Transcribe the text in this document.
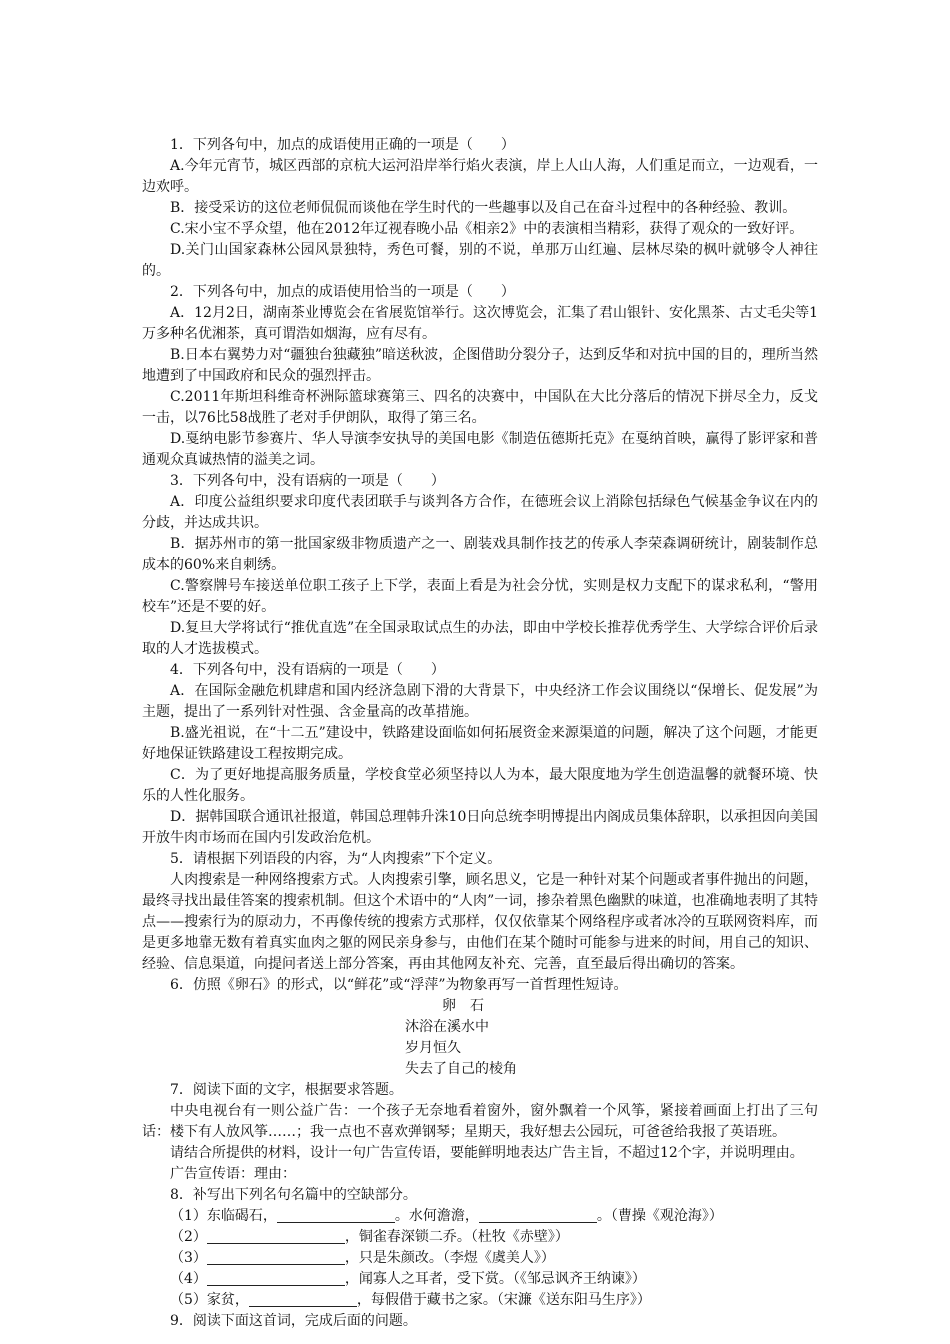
1．下列各句中，加点的成语使用正确的一项是（　　）

A.今年元宵节，城区西部的京杭大运河沿岸举行焰火表演，岸上人山人海，人们重足而立，一边观看，一边欢呼。

B．接受采访的这位老师侃侃而谈他在学生时代的一些趣事以及自己在奋斗过程中的各种经验、教训。

C.宋小宝不孚众望，他在2012年辽视春晚小品《相亲2》中的表演相当精彩，获得了观众的一致好评。

D.关门山国家森林公园风景独特，秀色可餐，别的不说，单那万山红遍、层林尽染的枫叶就够令人神往的。

2．下列各句中，加点的成语使用恰当的一项是（　　）

A．12月2日，湖南茶业博览会在省展览馆举行。这次博览会，汇集了君山银针、安化黑茶、古丈毛尖等1万多种名优湘茶，真可谓浩如烟海，应有尽有。

B.日本右翼势力对“疆独台独藏独”暗送秋波，企图借助分裂分子，达到反华和对抗中国的目的，理所当然地遭到了中国政府和民众的强烈抨击。

C.2011年斯坦科维奇杯洲际篮球赛第三、四名的决赛中，中国队在大比分落后的情况下拼尽全力，反戈一击，以76比58战胜了老对手伊朗队，取得了第三名。

D.戛纳电影节参赛片、华人导演李安执导的美国电影《制造伍德斯托克》在戛纳首映，赢得了影评家和普通观众真诚热情的溢美之词。

3．下列各句中，没有语病的一项是（　　）

A．印度公益组织要求印度代表团联手与谈判各方合作，在德班会议上消除包括绿色气候基金争议在内的分歧，并达成共识。

B．据苏州市的第一批国家级非物质遗产之一、剧装戏具制作技艺的传承人李荣森调研统计，剧装制作总成本的60%来自刺绣。

C.警察牌号车接送单位职工孩子上下学，表面上看是为社会分忧，实则是权力支配下的谋求私利，“警用校车”还是不要的好。

D.复旦大学将试行“推优直选”在全国录取试点生的办法，即由中学校长推荐优秀学生、大学综合评价后录取的人才选拔模式。

4．下列各句中，没有语病的一项是（　　）

A．在国际金融危机肆虐和国内经济急剧下滑的大背景下，中央经济工作会议围绕以“保增长、促发展”为主题，提出了一系列针对性强、含金量高的改革措施。

B.盛光祖说，在“十二五”建设中，铁路建设面临如何拓展资金来源渠道的问题，解决了这个问题，才能更好地保证铁路建设工程按期完成。

C．为了更好地提高服务质量，学校食堂必须坚持以人为本，最大限度地为学生创造温馨的就餐环境、快乐的人性化服务。

D．据韩国联合通讯社报道，韩国总理韩升洙10日向总统李明博提出内阁成员集体辞职，以承担因向美国开放牛肉市场而在国内引发政治危机。

5．请根据下列语段的内容，为“人肉搜索”下个定义。

人肉搜索是一种网络搜索方式。人肉搜索引擎，顾名思义，它是一种针对某个问题或者事件抛出的问题，最终寻找出最佳答案的搜索机制。但这个术语中的“人肉”一词，掺杂着黑色幽默的味道，也准确地表明了其特点——搜索行为的原动力，不再像传统的搜索方式那样，仅仅依靠某个网络程序或者冰冷的互联网资料库，而是更多地靠无数有着真实血肉之躯的网民亲身参与，由他们在某个随时可能参与进来的时间，用自己的知识、经验、信息渠道，向提问者送上部分答案，再由其他网友补充、完善，直至最后得出确切的答案。

6．仿照《卵石》的形式，以“鲜花”或“浮萍”为物象再写一首哲理性短诗。

卵　石

沐浴在溪水中

岁月恒久

失去了自己的棱角

7．阅读下面的文字，根据要求答题。

中央电视台有一则公益广告：一个孩子无奈地看着窗外，窗外飘着一个风筝，紧接着画面上打出了三句话：楼下有人放风筝……；我一点也不喜欢弹钢琴；星期天，我好想去公园玩，可爸爸给我报了英语班。

请结合所提供的材料，设计一句广告宣传语，要能鲜明地表达广告主旨，不超过12个字，并说明理由。

广告宣传语：理由：

8．补写出下列名句名篇中的空缺部分。

（1）东临碣石，	。水何澹澹，	。（曹操《观沧海》）

（2）	，铜雀春深锁二乔。（杜牧《赤壁》）

（3）	，只是朱颜改。（李煜《虞美人》）

（4）	，闻寡人之耳者，受下赏。（《邹忌讽齐王纳谏》）

（5）家贫，	，每假借于藏书之家。（宋濂《送东阳马生序》）

9．阅读下面这首词，完成后面的问题。
